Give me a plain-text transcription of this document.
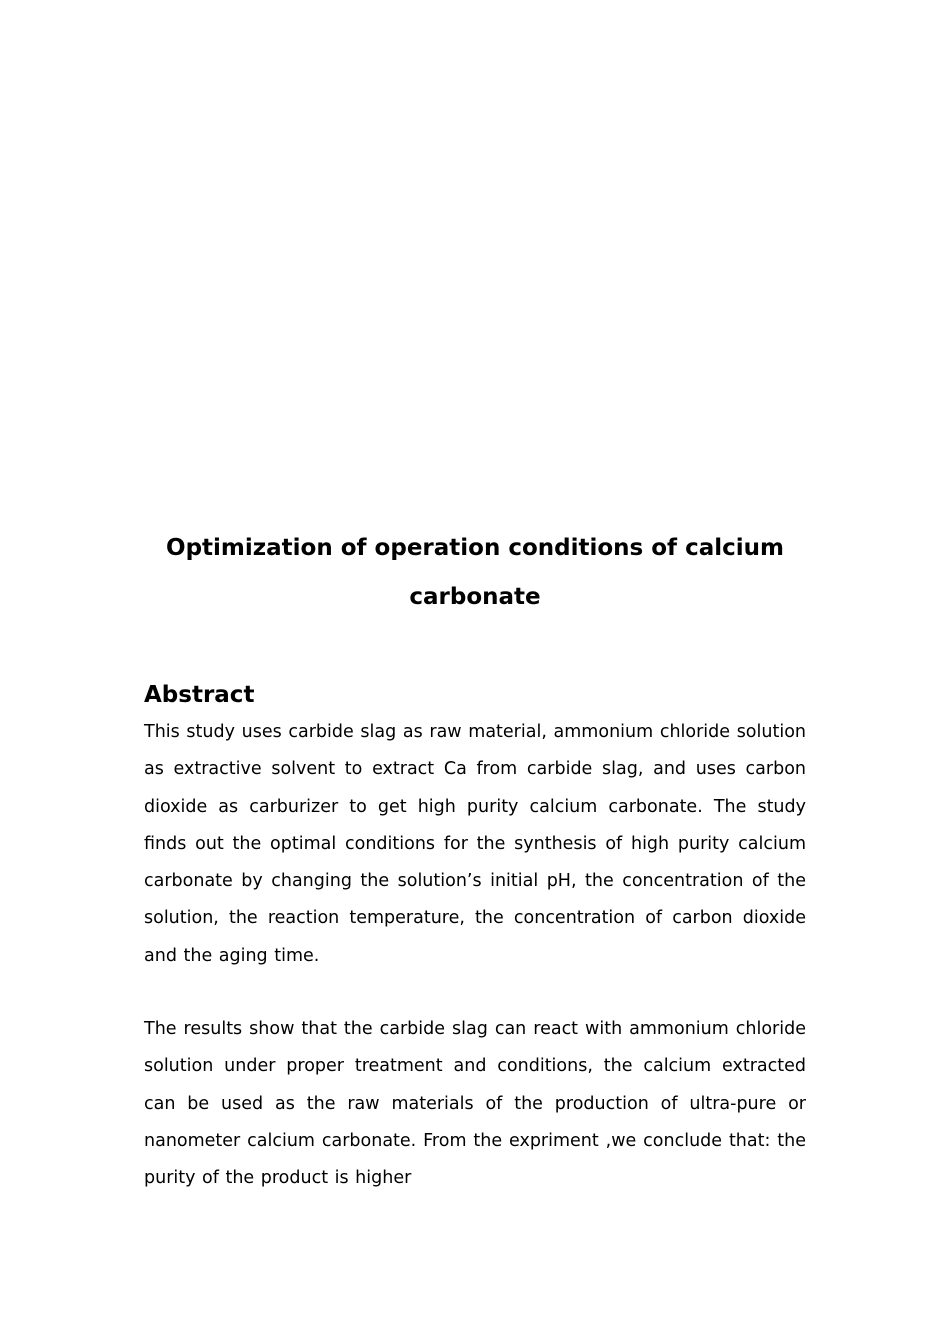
Optimization of operation conditions of calcium carbonate
Abstract

This study uses carbide slag as raw material, ammonium chloride solution as extractive solvent to extract Ca from carbide slag, and uses carbon dioxide as carburizer to get high purity calcium carbonate. The study finds out the optimal conditions for the synthesis of high purity calcium carbonate by changing the solution’s initial pH, the concentration of the solution, the reaction temperature, the concentration of carbon dioxide and the aging time.

The results show that the carbide slag can react with ammonium chloride solution under proper treatment and conditions, the calcium extracted can be used as the raw materials of the production of ultra-pure or nanometer calcium carbonate. From the expriment ,we conclude that: the purity of the product is higher
